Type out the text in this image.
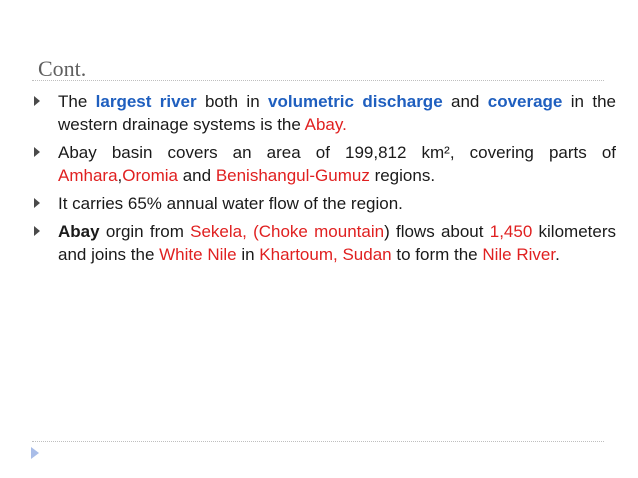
Cont.
The largest river both in volumetric discharge and coverage in the western drainage systems is the Abay.
Abay basin covers an area of 199,812 km², covering parts of Amhara,Oromia and Benishangul-Gumuz regions.
It carries 65% annual water flow of the region.
Abay orgin from Sekela, (Choke mountain) flows about 1,450 kilometers and joins the White Nile in Khartoum, Sudan to form the Nile River.
